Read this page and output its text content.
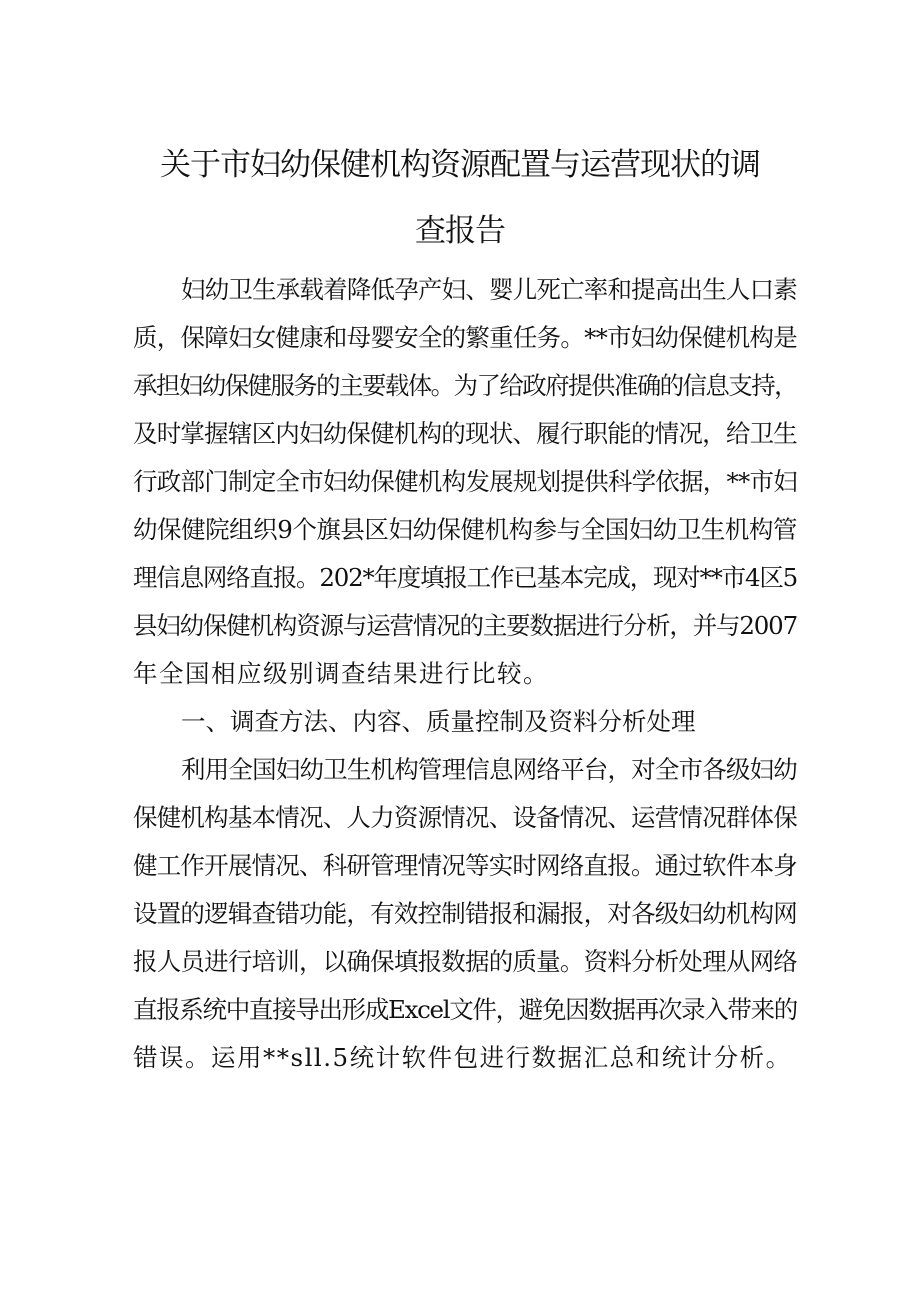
关于市妇幼保健机构资源配置与运营现状的调
查报告
妇幼卫生承载着降低孕产妇、婴儿死亡率和提高出生人口素
质，保障妇女健康和母婴安全的繁重任务。**市妇幼保健机构是
承担妇幼保健服务的主要载体。为了给政府提供准确的信息支持，
及时掌握辖区内妇幼保健机构的现状、履行职能的情况，给卫生
行政部门制定全市妇幼保健机构发展规划提供科学依据，**市妇
幼保健院组织9个旗县区妇幼保健机构参与全国妇幼卫生机构管
理信息网络直报。202*年度填报工作已基本完成，现对**市4区5
县妇幼保健机构资源与运营情况的主要数据进行分析，并与2007
年全国相应级别调查结果进行比较。
一、调查方法、内容、质量控制及资料分析处理
利用全国妇幼卫生机构管理信息网络平台，对全市各级妇幼
保健机构基本情况、人力资源情况、设备情况、运营情况群体保
健工作开展情况、科研管理情况等实时网络直报。通过软件本身
设置的逻辑查错功能，有效控制错报和漏报，对各级妇幼机构网
报人员进行培训，以确保填报数据的质量。资料分析处理从网络
直报系统中直接导出形成Excel文件，避免因数据再次录入带来的
错误。运用**sll.5统计软件包进行数据汇总和统计分析。
